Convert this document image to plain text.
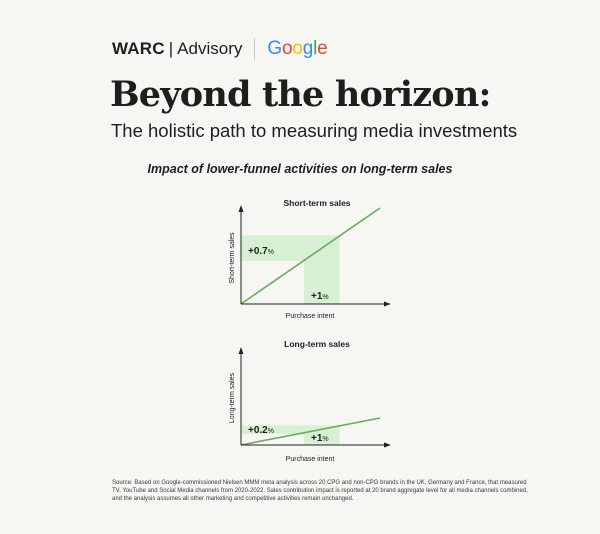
WARC | Advisory Google
Beyond the horizon:
The holistic path to measuring media investments
Impact of lower-funnel activities on long-term sales
Short-term sales
+0.7%
+1%
Purchase intent
Short-term sales
Long-term sales
+0.2%
+1%
Purchase intent
Long-term sales
Source: Based on Google-commissioned Nielsen MMM meta analysis across 20 CPG and non-CPG brands in the UK, Germany and France, that measured TV, YouTube and Social Media channels from 2020-2022. Sales contribution impact is reported at 20 brand aggregate level for all media channels combined, and the analysis assumes all other marketing and competitive activities remain unchanged.
